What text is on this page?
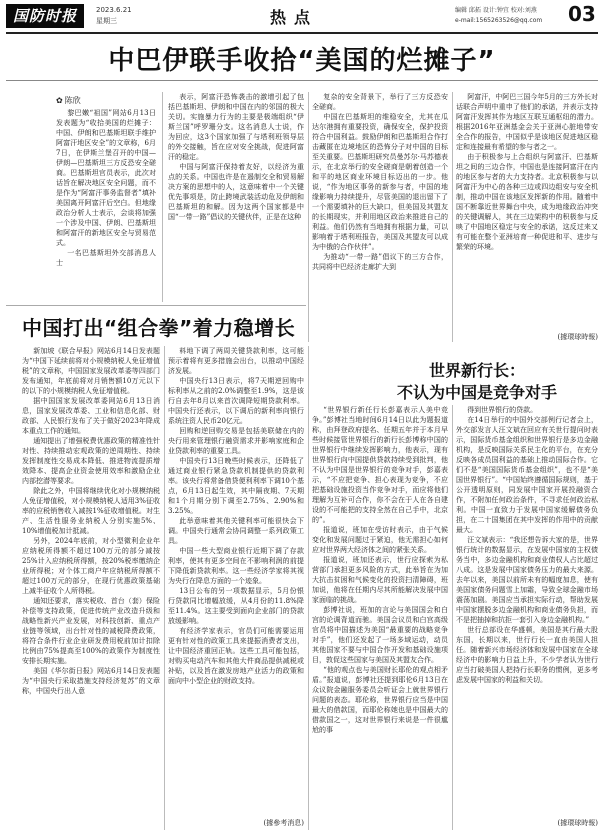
国防时报	2023.6.21
星期三	热点	编辑 邱拓 设计:钟宜 校对:刘燕
e-mail:1565263526@qq.com 03
中巴伊联手收拾“美国的烂摊子”
✿ 陈欣

黎巴嫩“祖国”网站6月13日发表题为“收拾美国的烂摊子：中国、伊朗和巴基斯坦联手维护阿富汗地区安全”的文章称，6月7日，在伊斯兰堡召开的中国—伊朗—巴基斯坦三方反恐安全磋商。巴基斯坦官员表示，此次对话旨在解决地区安全问题，而不是作为“阿富汗事务监督者”填补美国离开阿富汗后空白。但地缘政治分析人士表示，会谈将加强一个涉及中国、伊朗、巴基斯坦和阿富汗的新地区安全与贸易范式。

一名巴基斯坦外交部消息人士

表示，阿富汗恐怖袭击的激增引起了包括巴基斯坦、伊朗和中国在内的邻国的极大关切。实施暴力行为的主要是极端组织“伊斯兰国”呼罗珊分支。这名消息人士说，作为回应，这3个国家加强了与塔利班领导层的外交接触，旨在应对安全挑战，促进阿富汗的稳定。

中国与阿富汗保持着友好，以经济为重点的关系。中国也许是在遏制交全和贸易解决方案的思想中的人，这意味着中一个关键优先事项是，防止跨境武装活动危及伊朗和巴基斯坦的和解。因为这两个国家都是中国“一带一路”倡议的关键伙伴，正是在这种

复杂的安全背景下，举行了三方反恐安全磋商。

中国在巴基斯坦的维稳安全，尤其在瓜达尔港拥有重要投资，确保安全，保护投资符合中国利益。鼓励伊朗和巴基斯坦合作打击藏匿在边境地区的恐怖分子对中国的目标至关重要。巴基斯坦研究员曼苏尔·马苏德表示，在北京举行的安全磋商是朝着创造一个和平的地区商业环境目标迈出的一步。他说，“作为地区事务的新参与者，中国的地缘影响力持续提升，尽管美国的退出留下了一个需要填补的巨大缺口，但美国及其盟友的长期现实，并利用地区政治来推进自己的利益。他们仍然有当地拥有根据力量，可以影响着于塔利班报告，美国及其盟友可以成为中俄的合作伙伴”。

为推动“一带一路”倡议下的三方合作，共同将中巴经济走廊扩大到

阿富汗，中阿巴三国今年5月的三方外长对话联合声明中重申了他们的承诺，并表示支持阿富汗发挥其作为地区互联互通枢纽的潜力。根据2016年亚洲基金会关于亚洲心脏地带安全合作的报告，中国似乎是该地区促进地区稳定和连接最有希望的参与者之一。

由于积极参与上合组织与阿富汗、巴基斯坦之间的三边合作，中国也是连接阿富汗在内的地区参与者的大力支持者。北京积极参与以阿富汗为中心的各种三边或四边组安与安全机制，推动中国在该地区发挥新的作用。随着中国不断靠近世界舞台中央，成为地缘政治冲突的关键调解人，其在三边架构中的积极参与反映了中国地区稳定与安全的承诺，这反过来又有可能在整个亚洲培育一种促进和平、进步与繁荣的环境。

(據環球時報)
中国打出“组合拳”着力稳增长

新加坡《联合早报》网站6月14日发表题为“中国下延续前将对小规模纳税人免征增值税”的文章称，中国国家发展改革委等四部门发布通知，年底前将对月销售额10万元以下的以下的小规模纳税人免征增值税。

据中国国家发展改革委网站6月13日消息，国家发展改革委、工业和信息化部、财政部、人民银行发布了关于做好2023年降成本重点工作的通知。

通知提出了增强税费优惠政策的精准性针对性、持续推动宏观政策的逆周期性、持续发挥制度性交易成本降低、推进物流提质增效降本、提高企业资金使用效率和激励企业内部挖潜等要求。

除此之外，中国将继续优化对小规模纳税人免征增值税，对小规模纳税人适用3%征收率的应税销售收入减按1%征收增值税。对生产、生活性服务业纳税人分别实施5%、10%增值税加计抵减。

另外，2024年底前，对小型微利企业年应纳税所得额不超过100万元的部分减按25%计入应纳税所得额，按20%税率缴纳企业所得税；对个体工商户年应纳税所得额不超过100万元的部分，在现行优惠政策基础上减半征收个人所得税。

通知还要求，落实税收、首台（套）保险补偿等支持政策，促进传统产业改造升级和战略性新兴产业发展，对科技创新、重点产业链等领域，出台针对性的减税降费政策，将符合条件行业企业研发费用税前加计扣除比例由75%提高至100%的政策作为制度性安排长期实施。

美国《华尔街日报》网站6月14日发表题为“中国央行采取措施支持经济复苏”的文章称，中国央行出人意

料地下调了两周关键贷款利率，这可能预示着将有更多措施会出台，以推动中国经济发展。

中国央行13日表示，将7天期逆回购中标利率从之前的2.0%调整至1.9%，这是该行自去年8月以来首次调降短期贷款利率。中国央行还表示，以下调后的新利率向银行系统注资人民币20亿元。

回购和逆回购交易是包括美联储在内的央行用来管理银行融资需求并影响家庭和企业贷款利率的重要工具。

中国央行13日晚些时候表示，还降低了通过商业银行紧急贷款机制提供的贷款利率。该央行将常备借贷便利利率下调10个基点，6月13日起生效，其中隔夜期、7天期和1个月期分别下调至2.75%、2.90%和3.25%。

此举意味着其他关键利率可能很快会下调。中国央行通常会协同调整一系列政策工具。

中国一些大型商业银行近期下调了存款利率，使其有更多空间在不影响利润的前提下降低新贷款利率。这一些经济学家将其视为央行在降息方面的一个迹象。

13日公布的另一项数据显示，5月份银行贷款同比增幅放缓，从4月份的11.8%降至11.4%。这主要受到面向企业部门的贷款放缓影响。

有经济学家表示，官员们可能需要运用更有针对性的政策工具来提振消费者支出，让中国经济重回正轨。这些工具可能包括，对购买电动汽车和其他大件商品提供减税或补贴，以及旨在激发房地产业活力的政策和面向中小型企业的财政支持。

(據參考消息)
世界新行长：
不认为中国是竞争对手

“世界银行新任行长彭嘉表示人美中竞争。”彭博社当地时间6月14日以此为题报道称，由拜登政府提名、任期五年并于本月早些时候接管世界银行的新行长彭博称中国的世界银行中继续发挥影响力，他表示，现有世界银行向中国提供贷款持续受到批判，他不认为中国是世界银行的竞争对手，彭嘉表示，“不应把竞争、担心表现为竞争，不应把基础设施投资当作竞争对手，而应将他们理解为互补可合作，你不会在于人在各自建设的不可能把的支持全然在自己手中，北京的”。

报道说，班加在受访时表示，由于气候变化和发展问题过于紧迫，他无需担心如何应对世界两大经济体之间的紧张关系。

报道说，班加还表示，世行应探索为私营部门承担更多风险的方式，此举旨在为加大抗击贫困和气候变化的投资扫清障碍，班加说，他将在任期内尽其所能解决发展中国家面临的挑战。

彭博社说，班加的言论与美国国会和白宫的论调背道而驰。美国会议员和白宫高级官员将中国描述为美国“最重要的战略竞争对手”，他们还发起了一场多域运动，动员其他国家不要与中国合作开发和基础设施项目，敦促这些国家与美国及其盟友合作。

“他的观点也与美国财长耶伦的观点相矛盾。”报道说，彭博社还提到耶伦6月13日在众议院金融服务委员会听证会上就世界银行问题的表态。耶伦称，世界银行应当是中国最大的借款国，而耶伦称她也是中国最大的借款国之一，这对世界银行来说是一件很尴尬的事

得到世界银行的贷款。

在14日举行的中国外交部例行记者会上，外交部发言人汪文斌在回应有关世行提问时表示，国际货币基金组织和世界银行是多边金融机构，是反映国际关系民主化的平台，在充分反映各成员国利益的基础上推动国际合作。它们不是“美国国际货币基金组织”，也不是“美国世界银行”。“中国始终遵循国际规则，基于公开透明原则，同发展中国家开展投融资合作，不附加任何政治条件，不寻求任何政治私利。中国一直致力于发展中国家缓解债务负担，在二十国集团在其中发挥的作用中的贡献最大。

汪文斌表示：“我还想告诉大家的是，世界银行统计的数据显示，在发展中国家的主权债务当中，多边金融机构和商业债权人占比超过八成。这是发展中国家债务压力的最大来源。去年以来，美国以前所未有的幅度加息，使有美国家债务问题雪上加霜，导致全球金融市场震荡加剧。美国应当承担实际行动，帮助发展中国家摆脱多边金融机构和商业债务负担，而不是把抽掉和抗拒一套引入身边金融机构。”

世行总部设在华盛顿，美国是其行最大股东国，长期以来，世行行长一直由美国人担任。随着新兴市场经济体和发展中国家在全球经济中的影响力日益上升，不少学者认为世行应当打破美国人把持行长职务的惯例，更多考虑发展中国家的利益和关切。

(據環球時報)
